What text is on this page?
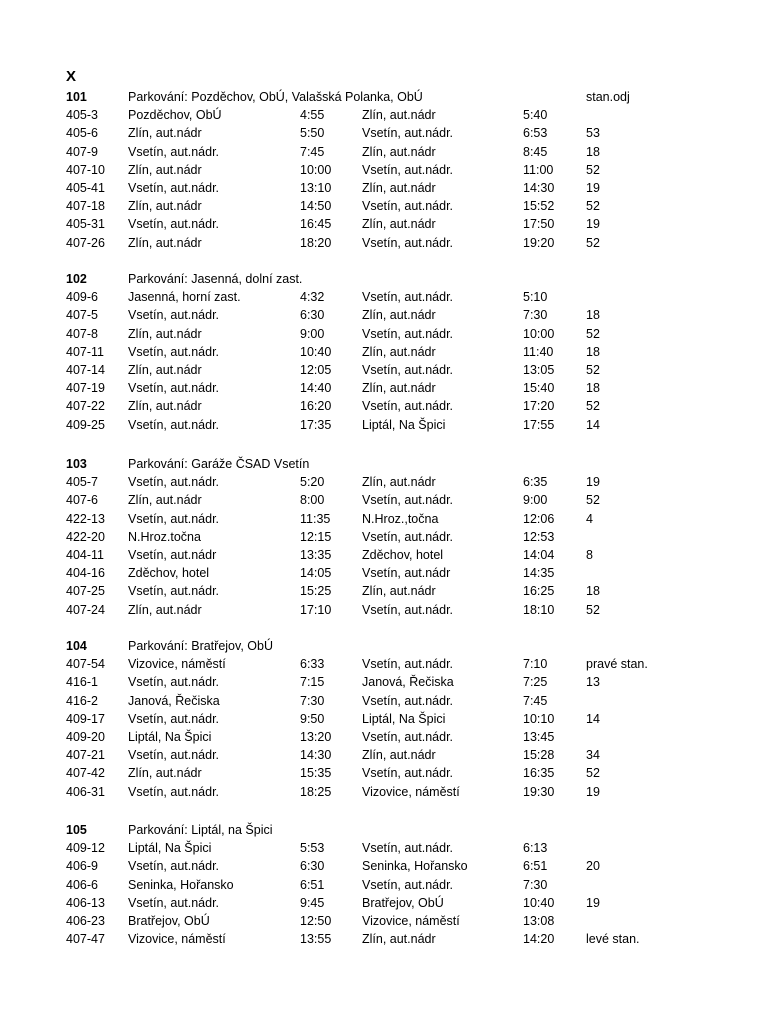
X
101	Parkování: Pozděchov, ObÚ, Valašská Polanka, ObÚ	stan.odj
405-3 Pozděchov, ObÚ	4:55	Zlín, aut.nádr	5:40
405-6 Zlín, aut.nádr	5:50	Vsetín, aut.nádr.	6:53	53
407-9 Vsetín, aut.nádr.	7:45	Zlín, aut.nádr	8:45	18
407-10 Zlín, aut.nádr	10:00 Vsetín, aut.nádr.	11:00	52
405-41 Vsetín, aut.nádr.	13:10 Zlín, aut.nádr	14:30	19
407-18 Zlín, aut.nádr	14:50 Vsetín, aut.nádr.	15:52	52
405-31 Vsetín, aut.nádr.	16:45 Zlín, aut.nádr	17:50	19
407-26 Zlín, aut.nádr	18:20 Vsetín, aut.nádr.	19:20	52
102	Parkování: Jasenná, dolní zast.
409-6 Jasenná, horní zast.	4:32	Vsetín, aut.nádr.	5:10
407-5 Vsetín, aut.nádr.	6:30	Zlín, aut.nádr	7:30	18
407-8 Zlín, aut.nádr	9:00	Vsetín, aut.nádr.	10:00	52
407-11 Vsetín, aut.nádr.	10:40 Zlín, aut.nádr	11:40	18
407-14 Zlín, aut.nádr	12:05 Vsetín, aut.nádr.	13:05	52
407-19 Vsetín, aut.nádr.	14:40 Zlín, aut.nádr	15:40	18
407-22 Zlín, aut.nádr	16:20 Vsetín, aut.nádr.	17:20	52
409-25 Vsetín, aut.nádr.	17:35 Liptál, Na Špici	17:55	14
103	Parkování: Garáže ČSAD Vsetín
405-7 Vsetín, aut.nádr.	5:20	Zlín, aut.nádr	6:35	19
407-6 Zlín, aut.nádr	8:00	Vsetín, aut.nádr.	9:00	52
422-13 Vsetín, aut.nádr.	11:35	N.Hroz.,točna	12:06	4
422-20 N.Hroz.točna	12:15 Vsetín, aut.nádr.	12:53
404-11 Vsetín, aut.nádr	13:35 Zděchov, hotel	14:04	8
404-16 Zděchov, hotel	14:05 Vsetín, aut.nádr	14:35
407-25 Vsetín, aut.nádr.	15:25 Zlín, aut.nádr	16:25	18
407-24 Zlín, aut.nádr	17:10 Vsetín, aut.nádr.	18:10	52
104	Parkování: Bratřejov, ObÚ
407-54 Vizovice, náměstí	6:33	Vsetín, aut.nádr.	7:10	pravé stan.
416-1 Vsetín, aut.nádr.	7:15	Janová, Řečiska	7:25	13
416-2 Janová, Řečiska	7:30	Vsetín, aut.nádr.	7:45
409-17 Vsetín, aut.nádr.	9:50	Liptál, Na Špici	10:10	14
409-20 Liptál, Na Špici	13:20 Vsetín, aut.nádr.	13:45
407-21 Vsetín, aut.nádr.	14:30 Zlín, aut.nádr	15:28	34
407-42 Zlín, aut.nádr	15:35 Vsetín, aut.nádr.	16:35	52
406-31 Vsetín, aut.nádr.	18:25 Vizovice, náměstí	19:30	19
105	Parkování: Liptál, na Špici
409-12 Liptál, Na Špici	5:53	Vsetín, aut.nádr.	6:13
406-9 Vsetín, aut.nádr.	6:30	Seninka, Hořansko	6:51	20
406-6 Seninka, Hořansko	6:51	Vsetín, aut.nádr.	7:30
406-13 Vsetín, aut.nádr.	9:45	Bratřejov, ObÚ	10:40	19
406-23 Bratřejov, ObÚ	12:50 Vizovice, náměstí	13:08
407-47 Vizovice, náměstí	13:55 Zlín, aut.nádr	14:20	levé stan.
